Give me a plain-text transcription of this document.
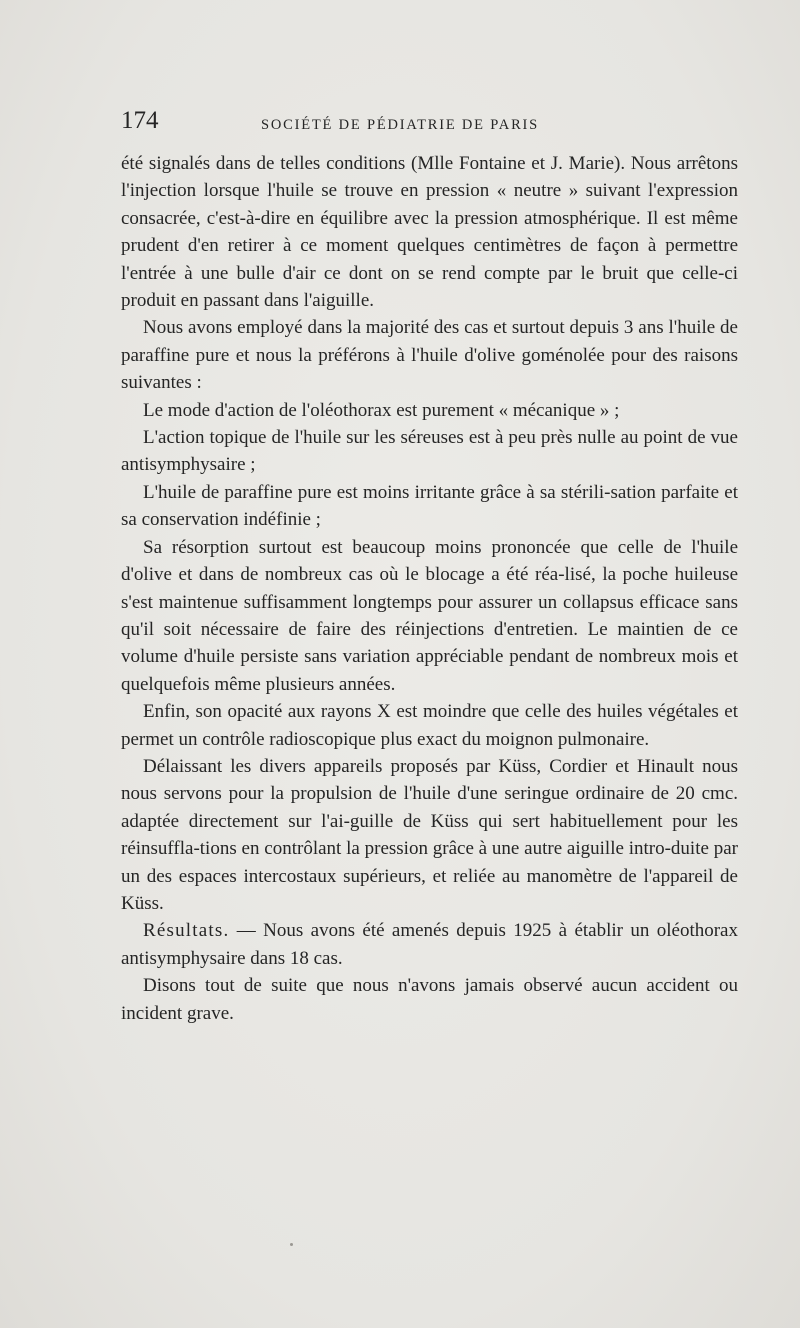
174	SOCIÉTÉ DE PÉDIATRIE DE PARIS

été signalés dans de telles conditions (Mlle Fontaine et J. Marie). Nous arrêtons l'injection lorsque l'huile se trouve en pression « neutre » suivant l'expression consacrée, c'est-à-dire en équilibre avec la pression atmosphérique. Il est même prudent d'en retirer à ce moment quelques centimètres de façon à permettre l'entrée à une bulle d'air ce dont on se rend compte par le bruit que celle-ci produit en passant dans l'aiguille.

Nous avons employé dans la majorité des cas et surtout depuis 3 ans l'huile de paraffine pure et nous la préférons à l'huile d'olive goménolée pour des raisons suivantes :

Le mode d'action de l'oléothorax est purement « mécanique » ;

L'action topique de l'huile sur les séreuses est à peu près nulle au point de vue antisymphysaire ;

L'huile de paraffine pure est moins irritante grâce à sa stérili-sation parfaite et sa conservation indéfinie ;

Sa résorption surtout est beaucoup moins prononcée que celle de l'huile d'olive et dans de nombreux cas où le blocage a été réa-lisé, la poche huileuse s'est maintenue suffisamment longtemps pour assurer un collapsus efficace sans qu'il soit nécessaire de faire des réinjections d'entretien. Le maintien de ce volume d'huile persiste sans variation appréciable pendant de nombreux mois et quelquefois même plusieurs années.

Enfin, son opacité aux rayons X est moindre que celle des huiles végétales et permet un contrôle radioscopique plus exact du moignon pulmonaire.

Délaissant les divers appareils proposés par Küss, Cordier et Hinault nous nous servons pour la propulsion de l'huile d'une seringue ordinaire de 20 cmc. adaptée directement sur l'ai-guille de Küss qui sert habituellement pour les réinsuffla-tions en contrôlant la pression grâce à une autre aiguille intro-duite par un des espaces intercostaux supérieurs, et reliée au manomètre de l'appareil de Küss.

Résultats. — Nous avons été amenés depuis 1925 à établir un oléothorax antisymphysaire dans 18 cas.

Disons tout de suite que nous n'avons jamais observé aucun accident ou incident grave.
